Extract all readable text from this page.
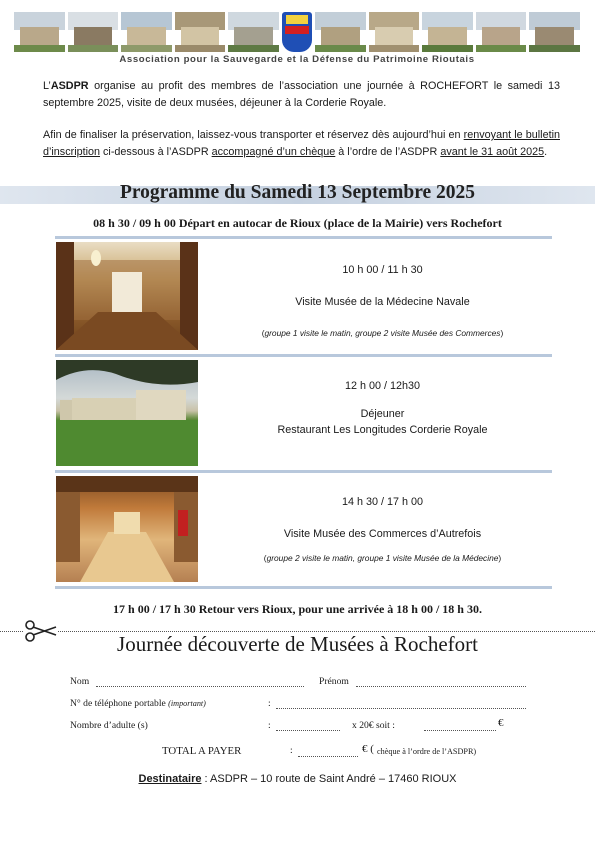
Association pour la Sauvegarde et la Défense du Patrimoine Rioutais
L’ASDPR organise au profit des membres de l’association une journée à ROCHEFORT le samedi 13 septembre 2025, visite de deux musées, déjeuner à la Corderie Royale.
Afin de finaliser la préservation, laissez-vous transporter et réservez dès aujourd’hui en renvoyant le bulletin d’inscription ci-dessous à l’ASDPR accompagné d’un chèque à l’ordre de l’ASDPR avant le 31 août 2025.
Programme du Samedi 13 Septembre 2025
08 h 30 / 09 h 00 Départ en autocar de Rioux (place de la Mairie) vers Rochefort
10 h 00 / 11 h 30
Visite Musée de la Médecine Navale
(groupe 1 visite le matin, groupe 2 visite Musée des Commerces)
12 h 00 / 12h30
Déjeuner
Restaurant Les Longitudes Corderie Royale
14 h 30 / 17 h 00
Visite Musée des Commerces d’Autrefois
(groupe 2 visite le matin, groupe 1 visite Musée de la Médecine)
17 h 00 / 17 h 30 Retour vers Rioux, pour une arrivée à 18 h 00 / 18 h 30.
Journée découverte de Musées à Rochefort
Nom	Prénom
N° de téléphone portable (important)	:
Nombre d’adulte (s)	:	x 20€ soit :	€
TOTAL A PAYER	:	€ ( chèque à l’ordre de l’ASDPR)
Destinataire : ASDPR – 10 route de Saint André – 17460 RIOUX
